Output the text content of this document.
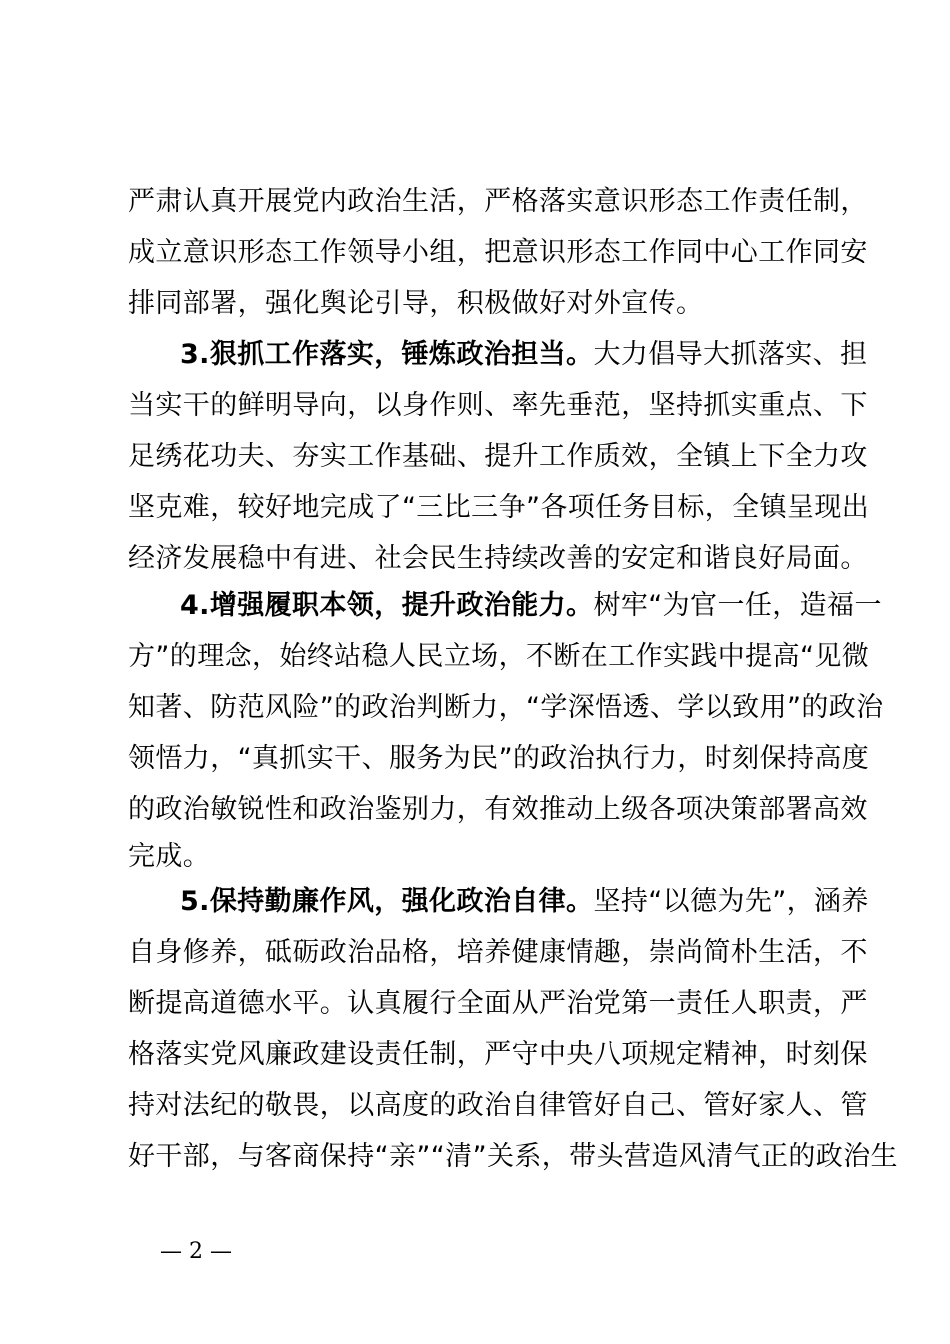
严肃认真开展党内政治生活，严格落实意识形态工作责任制，
成立意识形态工作领导小组，把意识形态工作同中心工作同安
排同部署，强化舆论引导，积极做好对外宣传。
3.狠抓工作落实，锤炼政治担当。大力倡导大抓落实、担
当实干的鲜明导向，以身作则、率先垂范，坚持抓实重点、下
足绣花功夫、夯实工作基础、提升工作质效，全镇上下全力攻
坚克难，较好地完成了“三比三争”各项任务目标，全镇呈现出
经济发展稳中有进、社会民生持续改善的安定和谐良好局面。
4.增强履职本领，提升政治能力。树牢“为官一任，造福一
方”的理念，始终站稳人民立场，不断在工作实践中提高“见微
知著、防范风险”的政治判断力，“学深悟透、学以致用”的政治
领悟力，“真抓实干、服务为民”的政治执行力，时刻保持高度
的政治敏锐性和政治鉴别力，有效推动上级各项决策部署高效
完成。
5.保持勤廉作风，强化政治自律。坚持“以德为先”，涵养
自身修养，砥砺政治品格，培养健康情趣，崇尚简朴生活，不
断提高道德水平。认真履行全面从严治党第一责任人职责，严
格落实党风廉政建设责任制，严守中央八项规定精神，时刻保
持对法纪的敬畏，以高度的政治自律管好自己、管好家人、管
好干部，与客商保持“亲”“清”关系，带头营造风清气正的政治生
— 2 —
